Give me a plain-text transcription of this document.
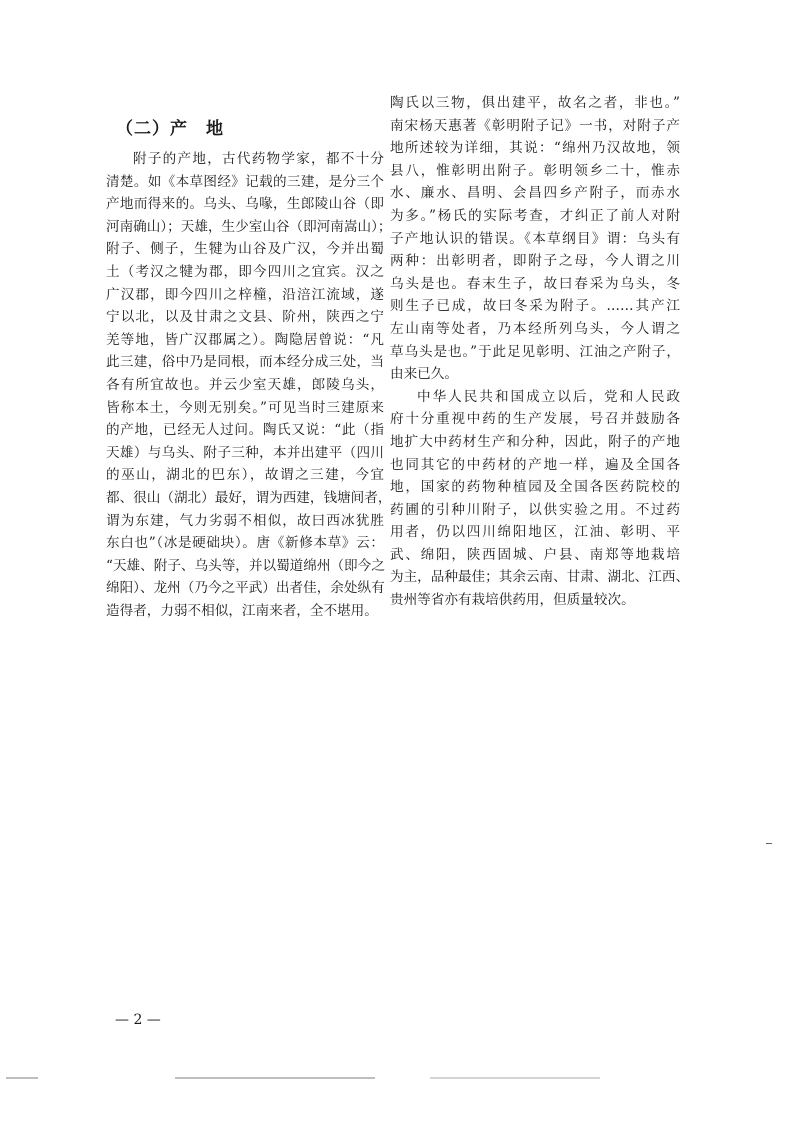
（二）产 地
附子的产地，古代药物学家，都不十分
清楚。如《本草图经》记载的三建，是分三个
产地而得来的。乌头、乌喙，生郎陵山谷（即
河南确山）；天雄，生少室山谷（即河南嵩山）；
附子、侧子，生犍为山谷及广汉，今并出蜀
土（考汉之犍为郡，即今四川之宜宾。汉之
广汉郡，即今四川之梓橦，沿涪江流域，遂
宁以北，以及甘肃之文县、阶州，陕西之宁
羌等地，皆广汉郡属之）。陶隐居曾说：“凡
此三建，俗中乃是同根，而本经分成三处，当
各有所宜故也。并云少室天雄，郎陵乌头，
皆称本土，今则无别矣。”可见当时三建原来
的产地，已经无人过问。陶氏又说：“此（指
天雄）与乌头、附子三种，本并出建平（四川
的巫山，湖北的巴东），故谓之三建，今宜
都、很山（湖北）最好，谓为西建，钱塘间者，
谓为东建，气力劣弱不相似，故曰西冰犹胜
东白也”（冰是硬础块）。唐《新修本草》云：
“天雄、附子、乌头等，并以蜀道绵州（即今之
绵阳）、龙州（乃今之平武）出者佳，余处纵有
造得者，力弱不相似，江南来者，全不堪用。
陶氏以三物，俱出建平，故名之者，非也。”
南宋杨天惠著《彰明附子记》一书，对附子产
地所述较为详细，其说：“绵州乃汉故地，领
县八，惟彰明出附子。彰明领乡二十，惟赤
水、廉水、昌明、会昌四乡产附子，而赤水
为多。”杨氏的实际考查，才纠正了前人对附
子产地认识的错误。《本草纲目》谓：乌头有
两种：出彰明者，即附子之母，今人谓之川
乌头是也。春末生子，故曰春采为乌头，冬
则生子已成，故曰冬采为附子。……其产江
左山南等处者，乃本经所列乌头，今人谓之
草乌头是也。”于此足见彰明、江油之产附子，
由来已久。
中华人民共和国成立以后，党和人民政
府十分重视中药的生产发展，号召并鼓励各
地扩大中药材生产和分种，因此，附子的产地
也同其它的中药材的产地一样，遍及全国各
地，国家的药物种植园及全国各医药院校的
药圃的引种川附子，以供实验之用。不过药
用者，仍以四川绵阳地区，江油、彰明、平
武、绵阳，陕西固城、户县、南郑等地栽培
为主，品种最佳；其余云南、甘肃、湖北、江西、
贵州等省亦有栽培供药用，但质量较次。
— 2 —
